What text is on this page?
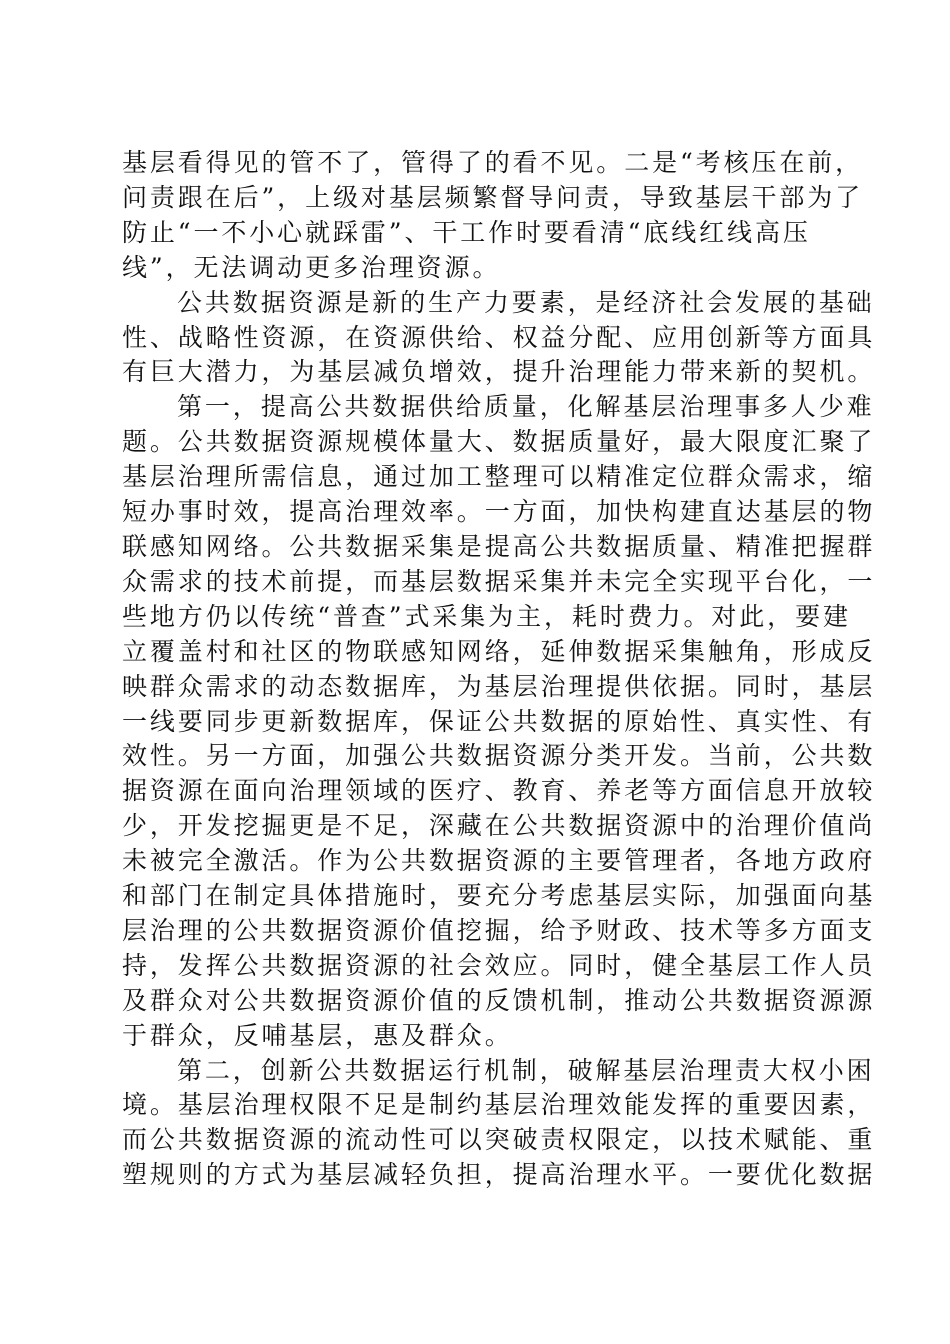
基层看得见的管不了，管得了的看不见。二是“考核压在前，
问责跟在后”，上级对基层频繁督导问责，导致基层干部为了
防止“一不小心就踩雷”、干工作时要看清“底线红线高压
线”，无法调动更多治理资源。

公共数据资源是新的生产力要素，是经济社会发展的基础
性、战略性资源，在资源供给、权益分配、应用创新等方面具
有巨大潜力，为基层减负增效，提升治理能力带来新的契机。

第一，提高公共数据供给质量，化解基层治理事多人少难
题。公共数据资源规模体量大、数据质量好，最大限度汇聚了
基层治理所需信息，通过加工整理可以精准定位群众需求，缩
短办事时效，提高治理效率。一方面，加快构建直达基层的物
联感知网络。公共数据采集是提高公共数据质量、精准把握群
众需求的技术前提，而基层数据采集并未完全实现平台化，一
些地方仍以传统“普查”式采集为主，耗时费力。对此，要建
立覆盖村和社区的物联感知网络，延伸数据采集触角，形成反
映群众需求的动态数据库，为基层治理提供依据。同时，基层
一线要同步更新数据库，保证公共数据的原始性、真实性、有
效性。另一方面，加强公共数据资源分类开发。当前，公共数
据资源在面向治理领域的医疗、教育、养老等方面信息开放较
少，开发挖掘更是不足，深藏在公共数据资源中的治理价值尚
未被完全激活。作为公共数据资源的主要管理者，各地方政府
和部门在制定具体措施时，要充分考虑基层实际，加强面向基
层治理的公共数据资源价值挖掘，给予财政、技术等多方面支
持，发挥公共数据资源的社会效应。同时，健全基层工作人员
及群众对公共数据资源价值的反馈机制，推动公共数据资源源
于群众，反哺基层，惠及群众。

第二，创新公共数据运行机制，破解基层治理责大权小困
境。基层治理权限不足是制约基层治理效能发挥的重要因素，
而公共数据资源的流动性可以突破责权限定，以技术赋能、重
塑规则的方式为基层减轻负担，提高治理水平。一要优化数据
